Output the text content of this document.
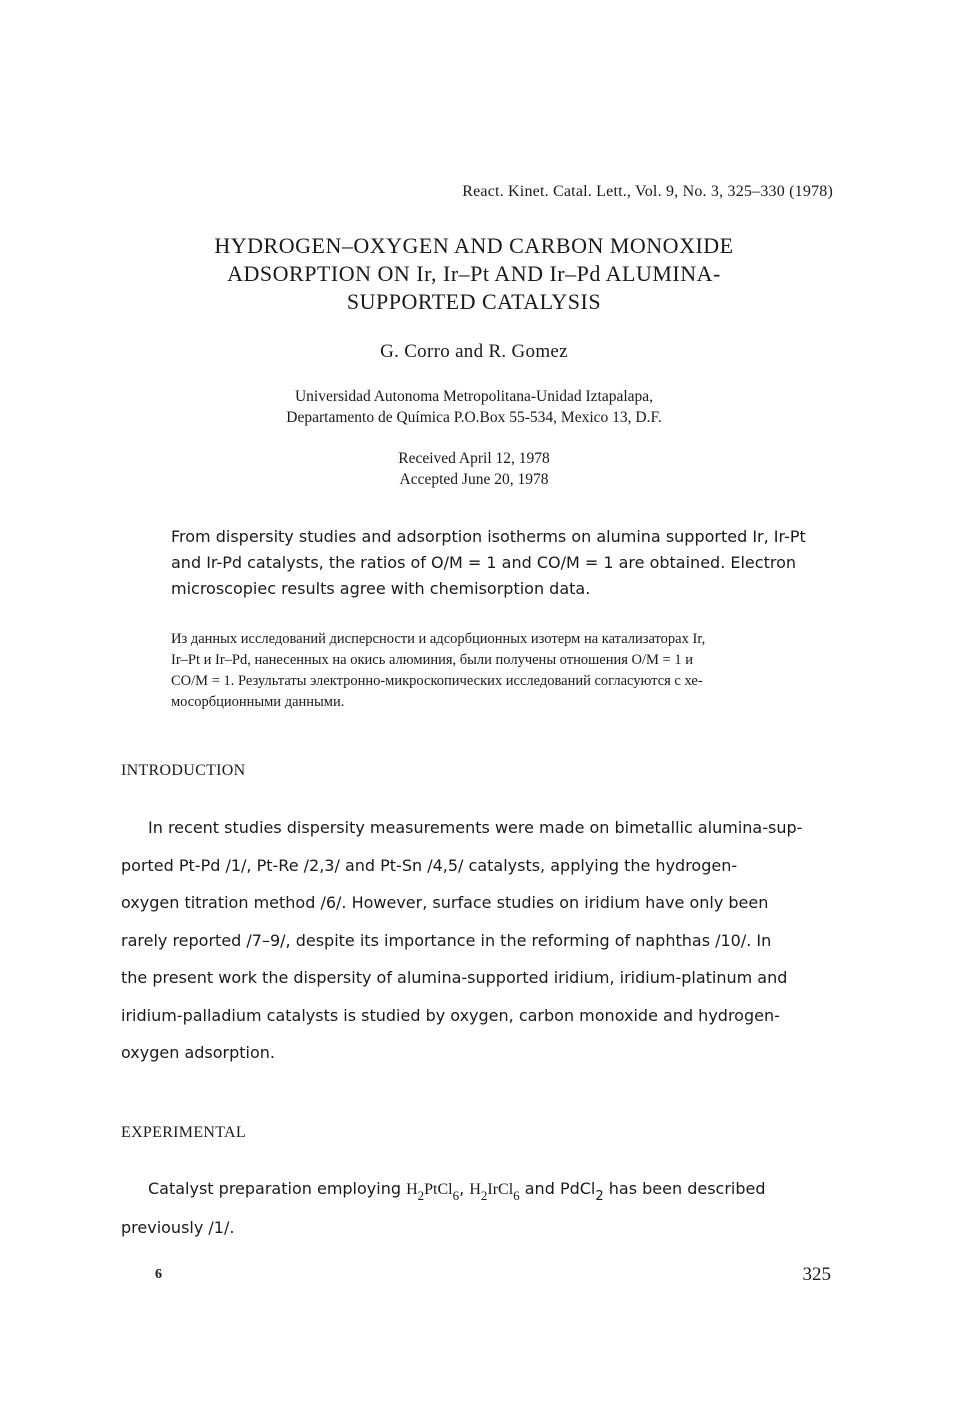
React. Kinet. Catal. Lett., Vol. 9, No. 3, 325–330 (1978)

HYDROGEN–OXYGEN AND CARBON MONOXIDE
ADSORPTION ON Ir, Ir–Pt AND Ir–Pd ALUMINA-
SUPPORTED CATALYSIS

G. Corro and R. Gomez

Universidad Autonoma Metropolitana-Unidad Iztapalapa,
Departamento de Química P.O.Box 55-534, Mexico 13, D.F.

Received April 12, 1978
Accepted June 20, 1978

From dispersity studies and adsorption isotherms on alumina supported Ir, Ir-Pt
and Ir-Pd catalysts, the ratios of O/M = 1 and CO/M = 1 are obtained. Electron
microscopiec results agree with chemisorption data.
Из данных исследований дисперсности и адсорбционных изотерм на катализаторах Ir,
Ir–Pt и Ir–Pd, нанесенных на окись алюминия, были получены отношения O/M = 1 и
CO/M = 1. Результаты электронно-микроскопических исследований согласуются с хе-
мосорбционными данными.
INTRODUCTION
In recent studies dispersity measurements were made on bimetallic alumina-sup-
ported Pt-Pd /1/, Pt-Re /2,3/ and Pt-Sn /4,5/ catalysts, applying the hydrogen-
oxygen titration method /6/. However, surface studies on iridium have only been
rarely reported /7–9/, despite its importance in the reforming of naphthas /10/. In
the present work the dispersity of alumina-supported iridium, iridium-platinum and
iridium-palladium catalysts is studied by oxygen, carbon monoxide and hydrogen-
oxygen adsorption.
EXPERIMENTAL
Catalyst preparation employing $H_2PtCl_6$, $H_2IrCl_6$ and PdCl$_2$ has been described
previously /1/.

6	325
